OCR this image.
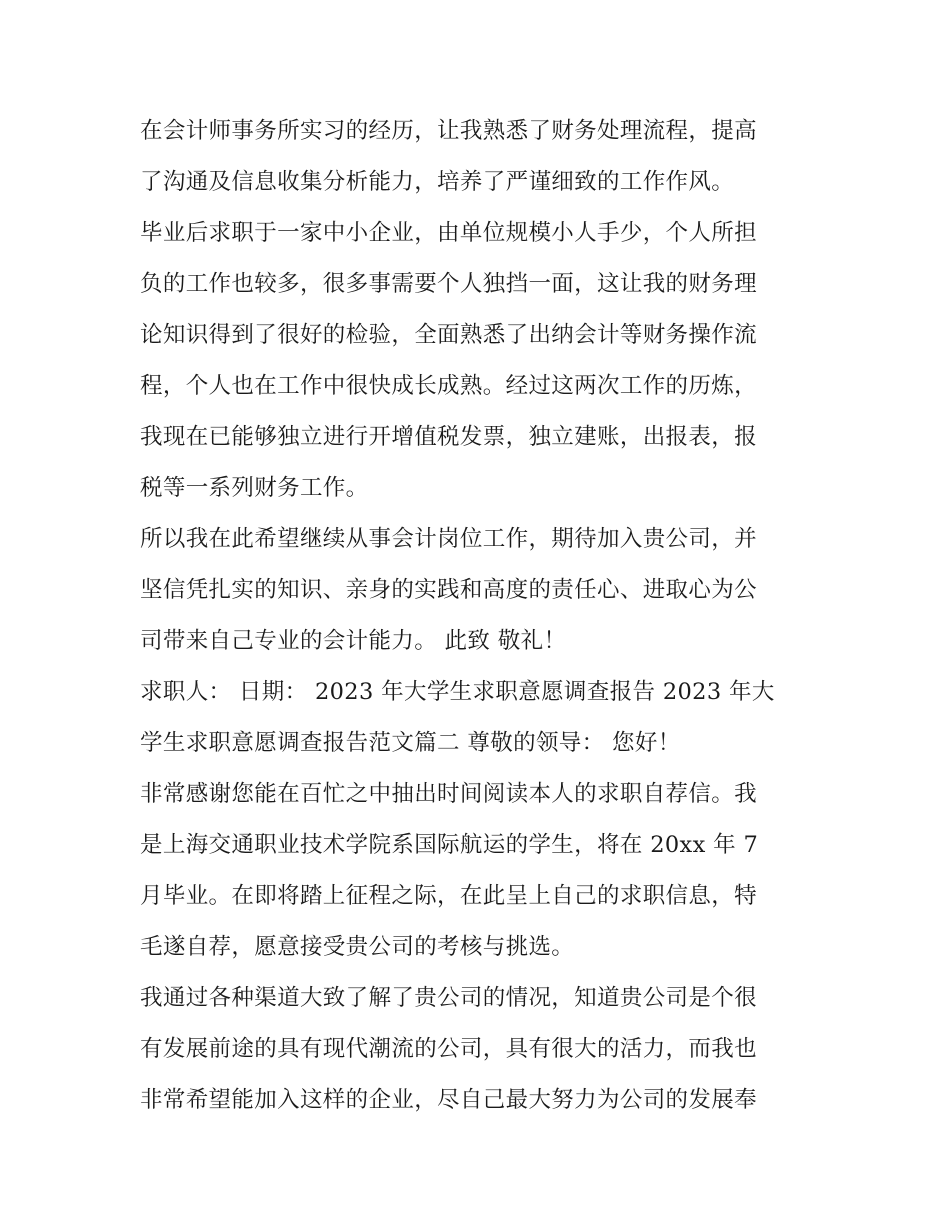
在会计师事务所实习的经历，让我熟悉了财务处理流程，提高
了沟通及信息收集分析能力，培养了严谨细致的工作作风。
毕业后求职于一家中小企业，由单位规模小人手少，个人所担
负的工作也较多，很多事需要个人独挡一面，这让我的财务理
论知识得到了很好的检验，全面熟悉了出纳会计等财务操作流
程，个人也在工作中很快成长成熟。经过这两次工作的历炼，
我现在已能够独立进行开增值税发票，独立建账，出报表，报
税等一系列财务工作。
所以我在此希望继续从事会计岗位工作，期待加入贵公司，并
坚信凭扎实的知识、亲身的实践和高度的责任心、进取心为公
司带来自己专业的会计能力。 此致 敬礼！
求职人： 日期： 2023 年大学生求职意愿调查报告 2023 年大
学生求职意愿调查报告范文篇二 尊敬的领导： 您好！
非常感谢您能在百忙之中抽出时间阅读本人的求职自荐信。我
是上海交通职业技术学院系国际航运的学生，将在 20xx 年 7
月毕业。在即将踏上征程之际，在此呈上自己的求职信息，特
毛遂自荐，愿意接受贵公司的考核与挑选。
我通过各种渠道大致了解了贵公司的情况，知道贵公司是个很
有发展前途的具有现代潮流的公司，具有很大的活力，而我也
非常希望能加入这样的企业，尽自己最大努力为公司的发展奉
